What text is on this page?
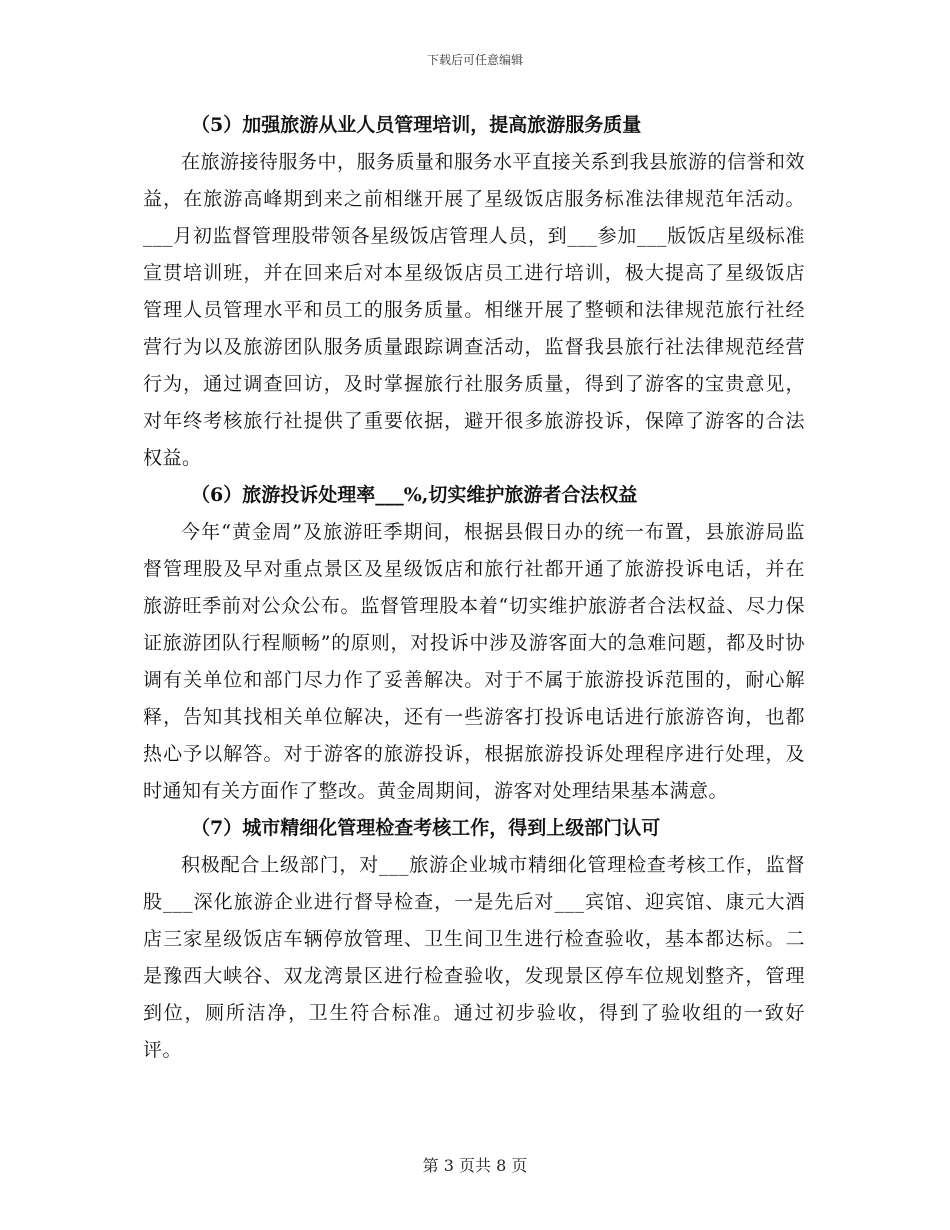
下载后可任意编辑
（5）加强旅游从业人员管理培训，提高旅游服务质量

在旅游接待服务中，服务质量和服务水平直接关系到我县旅游的信誉和效益，在旅游高峰期到来之前相继开展了星级饭店服务标准法律规范年活动。___月初监督管理股带领各星级饭店管理人员，到___参加___版饭店星级标准宣贯培训班，并在回来后对本星级饭店员工进行培训，极大提高了星级饭店管理人员管理水平和员工的服务质量。相继开展了整顿和法律规范旅行社经营行为以及旅游团队服务质量跟踪调查活动，监督我县旅行社法律规范经营行为，通过调查回访，及时掌握旅行社服务质量，得到了游客的宝贵意见，对年终考核旅行社提供了重要依据，避开很多旅游投诉，保障了游客的合法权益。

（6）旅游投诉处理率___%,切实维护旅游者合法权益

今年“黄金周”及旅游旺季期间，根据县假日办的统一布置，县旅游局监督管理股及早对重点景区及星级饭店和旅行社都开通了旅游投诉电话，并在旅游旺季前对公众公布。监督管理股本着“切实维护旅游者合法权益、尽力保证旅游团队行程顺畅”的原则，对投诉中涉及游客面大的急难问题，都及时协调有关单位和部门尽力作了妥善解决。对于不属于旅游投诉范围的，耐心解释，告知其找相关单位解决，还有一些游客打投诉电话进行旅游咨询，也都热心予以解答。对于游客的旅游投诉，根据旅游投诉处理程序进行处理，及时通知有关方面作了整改。黄金周期间，游客对处理结果基本满意。

（7）城市精细化管理检查考核工作，得到上级部门认可

积极配合上级部门，对___旅游企业城市精细化管理检查考核工作，监督股___深化旅游企业进行督导检查，一是先后对___宾馆、迎宾馆、康元大酒店三家星级饭店车辆停放管理、卫生间卫生进行检查验收，基本都达标。二是豫西大峡谷、双龙湾景区进行检查验收，发现景区停车位规划整齐，管理到位，厕所洁净，卫生符合标准。通过初步验收，得到了验收组的一致好评。

第 3 页共 8 页
